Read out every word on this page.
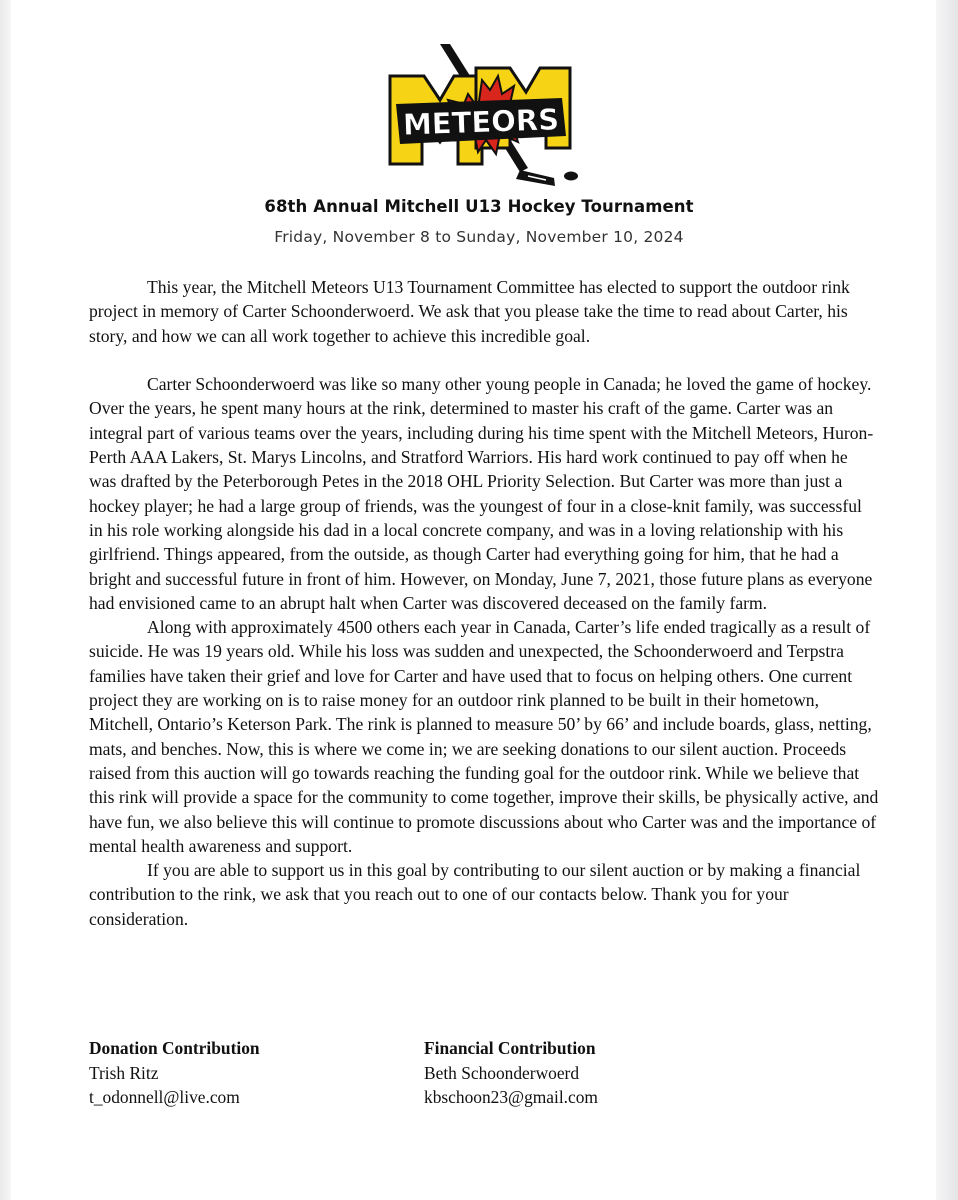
METEORS
68th Annual Mitchell U13 Hockey Tournament
Friday, November 8 to Sunday, November 10, 2024

This year, the Mitchell Meteors U13 Tournament Committee has elected to support the outdoor rink project in memory of Carter Schoonderwoerd. We ask that you please take the time to read about Carter, his story, and how we can all work together to achieve this incredible goal.

Carter Schoonderwoerd was like so many other young people in Canada; he loved the game of hockey. Over the years, he spent many hours at the rink, determined to master his craft of the game. Carter was an integral part of various teams over the years, including during his time spent with the Mitchell Meteors, Huron-Perth AAA Lakers, St. Marys Lincolns, and Stratford Warriors. His hard work continued to pay off when he was drafted by the Peterborough Petes in the 2018 OHL Priority Selection. But Carter was more than just a hockey player; he had a large group of friends, was the youngest of four in a close-knit family, was successful in his role working alongside his dad in a local concrete company, and was in a loving relationship with his girlfriend. Things appeared, from the outside, as though Carter had everything going for him, that he had a bright and successful future in front of him. However, on Monday, June 7, 2021, those future plans as everyone had envisioned came to an abrupt halt when Carter was discovered deceased on the family farm.

Along with approximately 4500 others each year in Canada, Carter’s life ended tragically as a result of suicide. He was 19 years old. While his loss was sudden and unexpected, the Schoonderwoerd and Terpstra families have taken their grief and love for Carter and have used that to focus on helping others. One current project they are working on is to raise money for an outdoor rink planned to be built in their hometown, Mitchell, Ontario’s Keterson Park. The rink is planned to measure 50’ by 66’ and include boards, glass, netting, mats, and benches. Now, this is where we come in; we are seeking donations to our silent auction. Proceeds raised from this auction will go towards reaching the funding goal for the outdoor rink. While we believe that this rink will provide a space for the community to come together, improve their skills, be physically active, and have fun, we also believe this will continue to promote discussions about who Carter was and the importance of mental health awareness and support.

If you are able to support us in this goal by contributing to our silent auction or by making a financial contribution to the rink, we ask that you reach out to one of our contacts below. Thank you for your consideration.

Donation Contribution
Trish Ritz
t_odonnell@live.com
Financial Contribution
Beth Schoonderwoerd
kbschoon23@gmail.com
